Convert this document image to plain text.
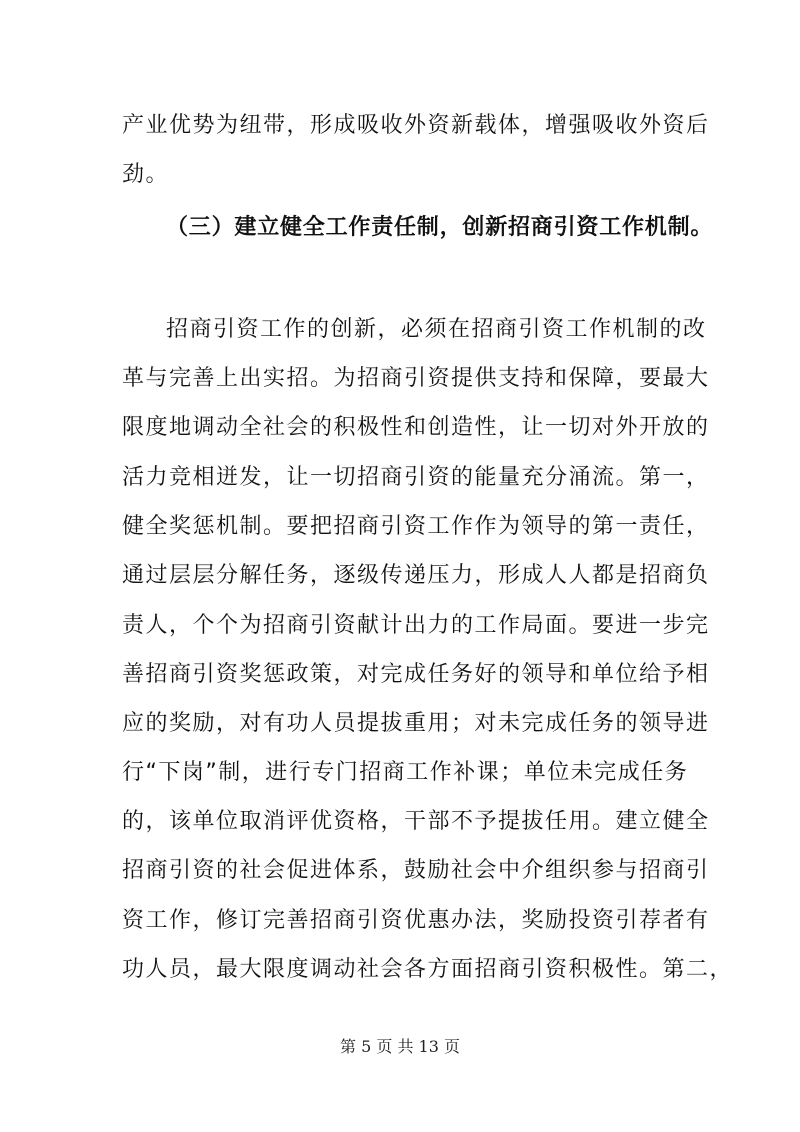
产业优势为纽带，形成吸收外资新载体，增强吸收外资后
劲。
（三）建立健全工作责任制，创新招商引资工作机制。
招商引资工作的创新，必须在招商引资工作机制的改
革与完善上出实招。为招商引资提供支持和保障，要最大
限度地调动全社会的积极性和创造性，让一切对外开放的
活力竞相迸发，让一切招商引资的能量充分涌流。第一，
健全奖惩机制。要把招商引资工作作为领导的第一责任，
通过层层分解任务，逐级传递压力，形成人人都是招商负
责人，个个为招商引资献计出力的工作局面。要进一步完
善招商引资奖惩政策，对完成任务好的领导和单位给予相
应的奖励，对有功人员提拔重用；对未完成任务的领导进
行“下岗”制，进行专门招商工作补课；单位未完成任务
的，该单位取消评优资格，干部不予提拔任用。建立健全
招商引资的社会促进体系，鼓励社会中介组织参与招商引
资工作，修订完善招商引资优惠办法，奖励投资引荐者有
功人员，最大限度调动社会各方面招商引资积极性。第二，
第 5 页 共 13 页
